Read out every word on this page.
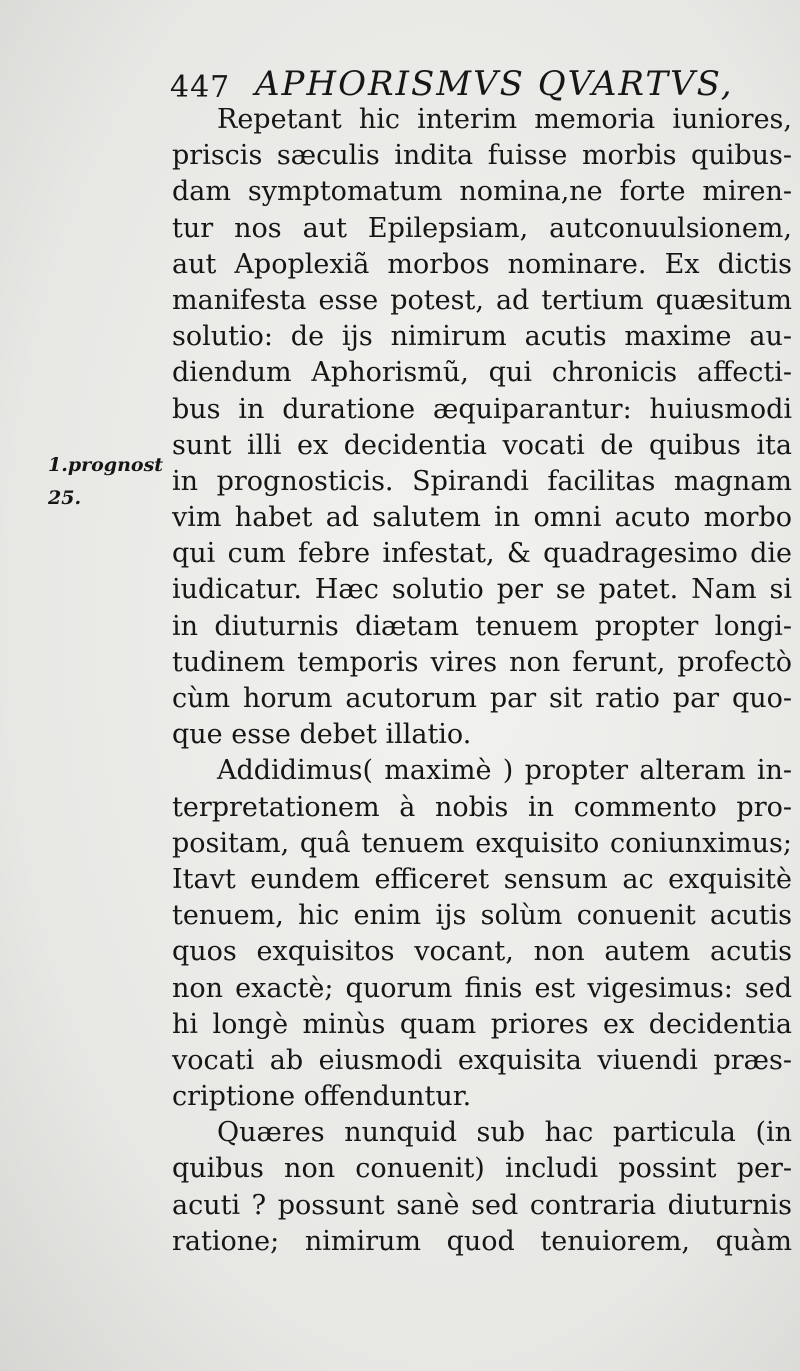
447 APHORISMVS QVARTVS,
1.prognost
25.
Repetant hic interim memoria iuniores,
priscis sæculis indita fuisse morbis quibus-
dam symptomatum nomina,ne forte miren-
tur nos aut Epilepsiam, autconuulsionem,
aut Apoplexiã morbos nominare. Ex dictis
manifesta esse potest, ad tertium quæsitum
solutio: de ijs nimirum acutis maxime au-
diendum Aphorismũ, qui chronicis affecti-
bus in duratione æquiparantur: huiusmodi
sunt illi ex decidentia vocati de quibus ita
in prognosticis. Spirandi facilitas magnam
vim habet ad salutem in omni acuto morbo
qui cum febre infestat, & quadragesimo die
iudicatur. Hæc solutio per se patet. Nam si
in diuturnis diætam tenuem propter longi-
tudinem temporis vires non ferunt, profectò
cùm horum acutorum par sit ratio par quo-
que esse debet illatio.
Addidimus( maximè ) propter alteram in-
terpretationem à nobis in commento pro-
positam, quâ tenuem exquisito coniunximus;
Itavt eundem efficeret sensum ac exquisitè
tenuem, hic enim ijs solùm conuenit acutis
quos exquisitos vocant, non autem acutis
non exactè; quorum finis est vigesimus: sed
hi longè minùs quam priores ex decidentia
vocati ab eiusmodi exquisita viuendi præs-
criptione offenduntur.
Quæres nunquid sub hac particula (in
quibus non conuenit) includi possint per-
acuti ? possunt sanè sed contraria diuturnis
ratione; nimirum quod tenuiorem, quàm
